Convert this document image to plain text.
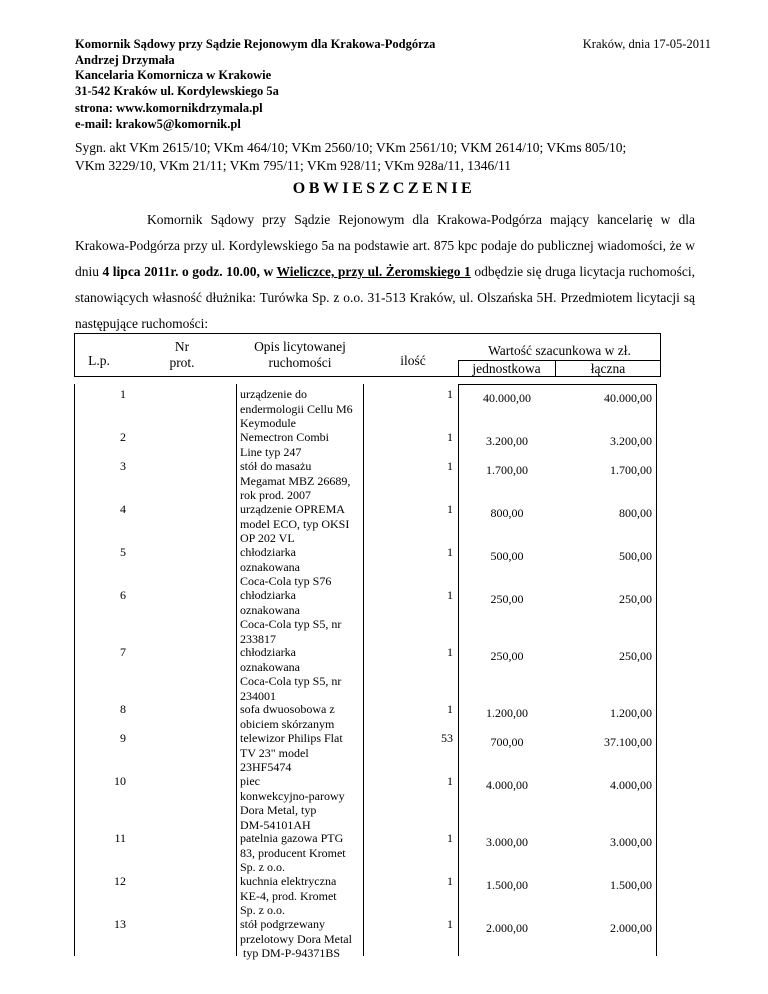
Komornik Sądowy przy Sądzie Rejonowym dla Krakowa-Podgórza
Andrzej Drzymała
Kancelaria Komornicza w Krakowie
31-542 Kraków ul. Kordylewskiego 5a
Kraków, dnia 17-05-2011
strona: www.komornikdrzymala.pl
e-mail: krakow5@komornik.pl
Sygn. akt VKm 2615/10; VKm 464/10; VKm 2560/10; VKm 2561/10; VKM 2614/10; VKms 805/10;
VKm 3229/10, VKm 21/11; VKm 795/11; VKm 928/11; VKm 928a/11, 1346/11
OBWIESZCZENIE
Komornik Sądowy przy Sądzie Rejonowym dla Krakowa-Podgórza mający kancelarię w dla Krakowa-Podgórza przy ul. Kordylewskiego 5a na podstawie art. 875 kpc podaje do publicznej wiadomości, że w dniu 4 lipca 2011r. o godz. 10.00, w Wieliczce, przy ul. Żeromskiego 1 odbędzie się druga licytacja ruchomości, stanowiących własność dłużnika: Turówka Sp. z o.o. 31-513 Kraków, ul. Olszańska 5H. Przedmiotem licytacji są następujące ruchomości:
L.p.
Nr
prot.
Opis licytowanej
ruchomości	ilość
Wartość szacunkowa w zł.
jednostkowa	łączna
1	urządzenie do
endermologii Cellu M6
Keymodule
1	40.000,00	40.000,00
2	Nemectron Combi
Line typ 247
1	3.200,00	3.200,00
3	stół do masażu
Megamat MBZ 26689,
rok prod. 2007
1	1.700,00	1.700,00
4	urządzenie OPREMA
model ECO, typ OKSI
OP 202 VL
1	800,00	800,00
5	chłodziarka
oznakowana
Coca-Cola typ S76
1	500,00	500,00
6	chłodziarka
oznakowana
Coca-Cola typ S5, nr
233817
1	250,00	250,00
7	chłodziarka
oznakowana
Coca-Cola typ S5, nr
234001
1	250,00	250,00
8	sofa dwuosobowa z
obiciem skórzanym
1	1.200,00	1.200,00
9	telewizor Philips Flat
TV 23" model
23HF5474
53	700,00	37.100,00
10	piec
konwekcyjno-parowy
Dora Metal, typ
DM-54101AH
1	4.000,00	4.000,00
11	patelnia gazowa PTG
83, producent Kromet
Sp. z o.o.
1	3.000,00	3.000,00
12	kuchnia elektryczna
KE-4, prod. Kromet
Sp. z o.o.
1	1.500,00	1.500,00
13	stół podgrzewany
przelotowy Dora Metal
typ DM-P-94371BS
1	2.000,00	2.000,00
